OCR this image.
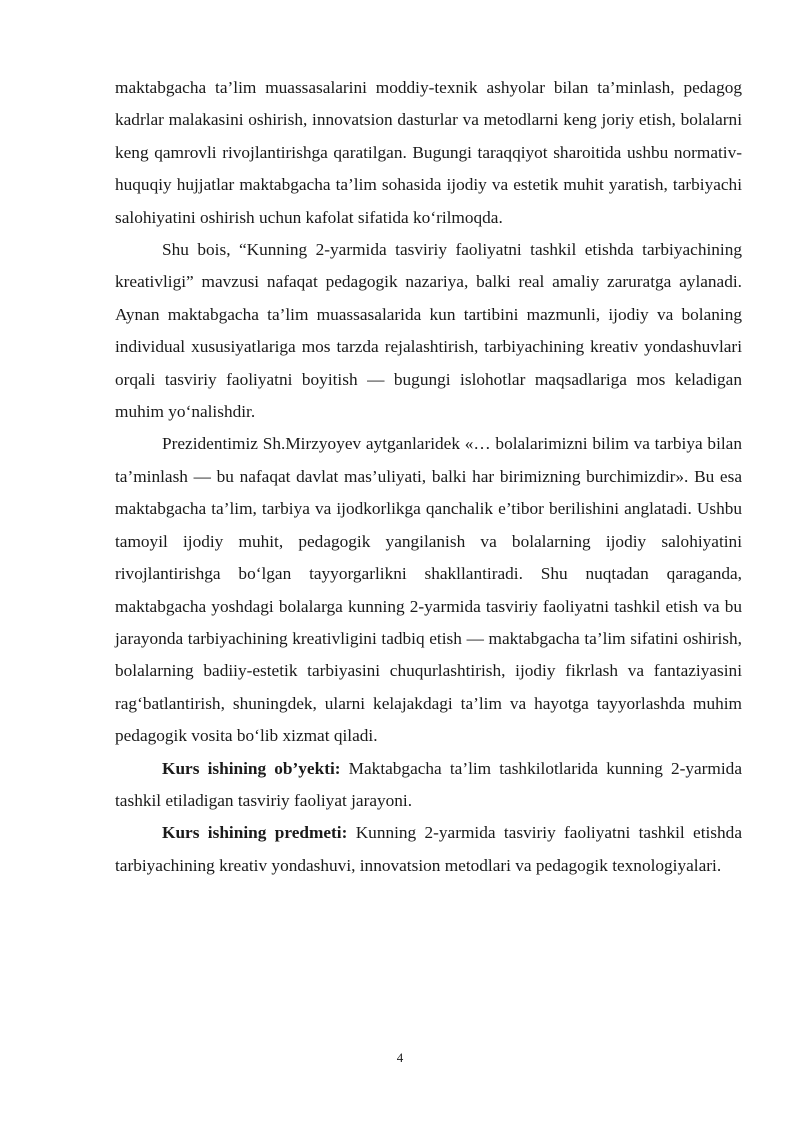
maktabgacha ta’lim muassasalarini moddiy-texnik ashyolar bilan ta’minlash, pedagog kadrlar malakasini oshirish, innovatsion dasturlar va metodlarni keng joriy etish, bolalarni keng qamrovli rivojlantirishga qaratilgan. Bugungi taraqqiyot sharoitida ushbu normativ-huquqiy hujjatlar maktabgacha ta’lim sohasida ijodiy va estetik muhit yaratish, tarbiyachi salohiyatini oshirish uchun kafolat sifatida ko‘rilmoqda.

Shu bois, “Kunning 2-yarmida tasviriy faoliyatni tashkil etishda tarbiyachining kreativligi” mavzusi nafaqat pedagogik nazariya, balki real amaliy zaruratga aylanadi. Aynan maktabgacha ta’lim muassasalarida kun tartibini mazmunli, ijodiy va bolaning individual xususiyatlariga mos tarzda rejalashtirish, tarbiyachining kreativ yondashuvlari orqali tasviriy faoliyatni boyitish — bugungi islohotlar maqsadlariga mos keladigan muhim yo‘nalishdir.

Prezidentimiz Sh.Mirzyoyev aytganlaridek «… bolalarimizni bilim va tarbiya bilan ta’minlash — bu nafaqat davlat mas’uliyati, balki har birimizning burchimizdir». Bu esa maktabgacha ta’lim, tarbiya va ijodkorlikga qanchalik e’tibor berilishini anglatadi. Ushbu tamoyil ijodiy muhit, pedagogik yangilanish va bolalarning ijodiy salohiyatini rivojlantirishga bo‘lgan tayyorgarlikni shakllantiradi. Shu nuqtadan qaraganda, maktabgacha yoshdagi bolalarga kunning 2-yarmida tasviriy faoliyatni tashkil etish va bu jarayonda tarbiyachining kreativligini tadbiq etish — maktabgacha ta’lim sifatini oshirish, bolalarning badiiy-estetik tarbiyasini chuqurlashtirish, ijodiy fikrlash va fantaziyasini rag‘batlantirish, shuningdek, ularni kelajakdagi ta’lim va hayotga tayyorlashda muhim pedagogik vosita bo‘lib xizmat qiladi.

Kurs ishining ob’yekti: Maktabgacha ta’lim tashkilotlarida kunning 2-yarmida tashkil etiladigan tasviriy faoliyat jarayoni.

Kurs ishining predmeti: Kunning 2-yarmida tasviriy faoliyatni tashkil etishda tarbiyachining kreativ yondashuvi, innovatsion metodlari va pedagogik texnologiyalari.

4
